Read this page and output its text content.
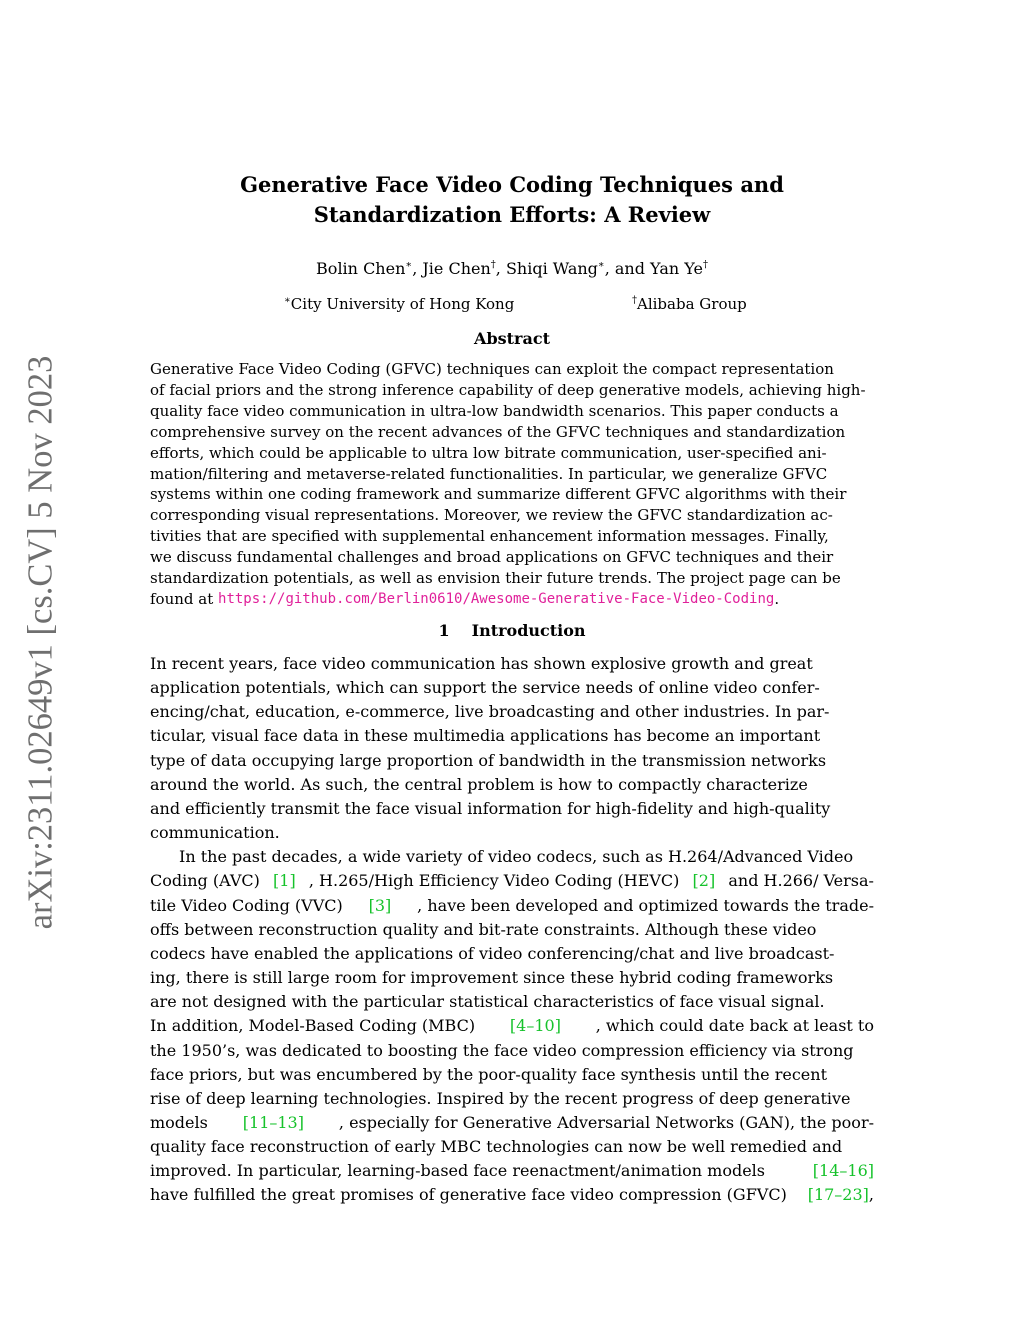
arXiv:2311.02649v1 [cs.CV] 5 Nov 2023
Generative Face Video Coding Techniques and
Standardization Efforts: A Review
Bolin Chen∗, Jie Chen†, Shiqi Wang∗, and Yan Ye†
∗City University of Hong Kong	†Alibaba Group
Abstract
Generative Face Video Coding (GFVC) techniques can exploit the compact representation
of facial priors and the strong inference capability of deep generative models, achieving high-
quality face video communication in ultra-low bandwidth scenarios. This paper conducts a
comprehensive survey on the recent advances of the GFVC techniques and standardization
efforts, which could be applicable to ultra low bitrate communication, user-specified ani-
mation/filtering and metaverse-related functionalities. In particular, we generalize GFVC
systems within one coding framework and summarize different GFVC algorithms with their
corresponding visual representations. Moreover, we review the GFVC standardization ac-
tivities that are specified with supplemental enhancement information messages. Finally,
we discuss fundamental challenges and broad applications on GFVC techniques and their
standardization potentials, as well as envision their future trends. The project page can be
found at https://github.com/Berlin0610/Awesome-Generative-Face-Video-Coding .
1 Introduction
In recent years, face video communication has shown explosive growth and great
application potentials, which can support the service needs of online video confer-
encing/chat, education, e-commerce, live broadcasting and other industries. In par-
ticular, visual face data in these multimedia applications has become an important
type of data occupying large proportion of bandwidth in the transmission networks
around the world. As such, the central problem is how to compactly characterize
and efficiently transmit the face visual information for high-fidelity and high-quality
communication.
In the past decades, a wide variety of video codecs, such as H.264/Advanced Video
Coding (AVC) [1] , H.265/High Efficiency Video Coding (HEVC) [2] and H.266/ Versa-
tile Video Coding (VVC) [3] , have been developed and optimized towards the trade-
offs between reconstruction quality and bit-rate constraints. Although these video
codecs have enabled the applications of video conferencing/chat and live broadcast-
ing, there is still large room for improvement since these hybrid coding frameworks
are not designed with the particular statistical characteristics of face visual signal.
In addition, Model-Based Coding (MBC) [4–10] , which could date back at least to
the 1950’s, was dedicated to boosting the face video compression efficiency via strong
face priors, but was encumbered by the poor-quality face synthesis until the recent
rise of deep learning technologies. Inspired by the recent progress of deep generative
models [11–13] , especially for Generative Adversarial Networks (GAN), the poor-
quality face reconstruction of early MBC technologies can now be well remedied and
improved. In particular, learning-based face reenactment/animation models	[14–16]
have fulfilled the great promises of generative face video compression (GFVC) [17–23],
